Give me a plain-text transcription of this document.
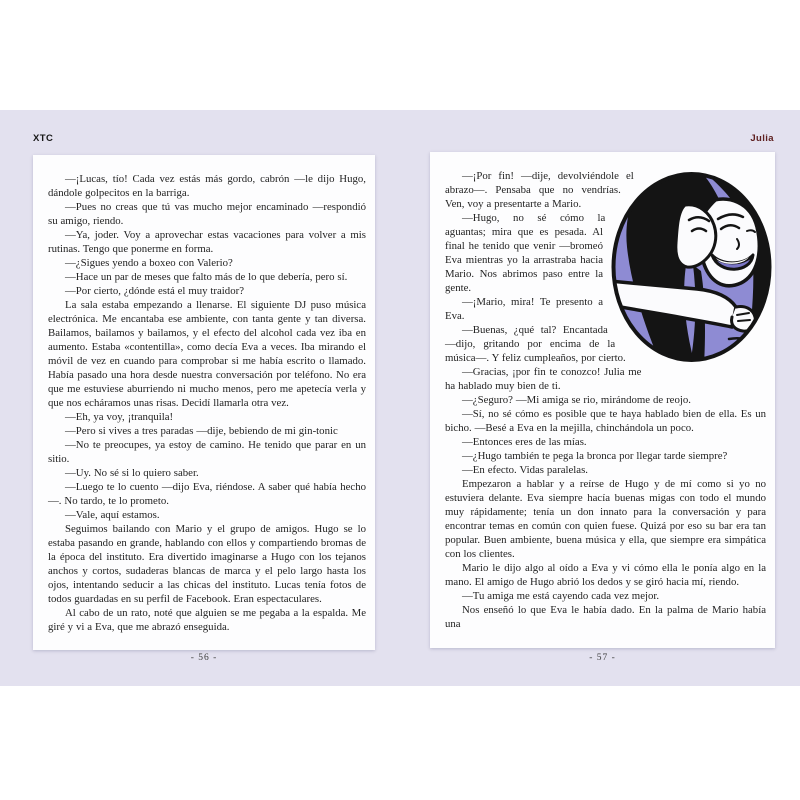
XTC	Julia

—¡Lucas, tío! Cada vez estás más gordo, cabrón —le dijo Hugo, dándole golpecitos en la barriga.

—Pues no creas que tú vas mucho mejor encaminado —respondió su amigo, riendo.

—Ya, joder. Voy a aprovechar estas vacaciones para volver a mis rutinas. Tengo que ponerme en forma.

—¿Sigues yendo a boxeo con Valerio?

—Hace un par de meses que falto más de lo que debería, pero sí.

—Por cierto, ¿dónde está el muy traidor?

La sala estaba empezando a llenarse. El siguiente DJ puso música electrónica. Me encantaba ese ambiente, con tanta gente y tan diversa. Bailamos, bailamos y bailamos, y el efecto del alcohol cada vez iba en aumento. Estaba «contentilla», como decía Eva a veces. Iba mirando el móvil de vez en cuando para comprobar si me había escrito o llamado. Había pasado una hora desde nuestra conversación por teléfono. No era que me estuviese aburriendo ni mucho menos, pero me apetecía verla y que nos echáramos unas risas. Decidí llamarla otra vez.

—Eh, ya voy, ¡tranquila!

—Pero si vives a tres paradas —dije, bebiendo de mi gin-tonic

—No te preocupes, ya estoy de camino. He tenido que parar en un sitio.

—Uy. No sé si lo quiero saber.

—Luego te lo cuento —dijo Eva, riéndose. A saber qué había hecho—. No tardo, te lo prometo.

—Vale, aquí estamos.

Seguimos bailando con Mario y el grupo de amigos. Hugo se lo estaba pasando en grande, hablando con ellos y compartiendo bromas de la época del instituto. Era divertido imaginarse a Hugo con los tejanos anchos y cortos, sudaderas blancas de marca y el pelo largo hasta los ojos, intentando seducir a las chicas del instituto. Lucas tenía fotos de todos guardadas en su perfil de Facebook. Eran espectaculares.

Al cabo de un rato, noté que alguien se me pegaba a la espalda. Me giré y vi a Eva, que me abrazó enseguida.

—¡Por fin! —dije, devolviéndole el abrazo—. Pensaba que no vendrías. Ven, voy a presentarte a Mario.

—Hugo, no sé cómo la aguantas; mira que es pesada. Al final he tenido que venir —bromeó Eva mientras yo la arrastraba hacia Mario. Nos abrimos paso entre la gente.

—¡Mario, mira! Te presento a Eva.

—Buenas, ¿qué tal? Encantada —dijo, gritando por encima de la música—. Y feliz cumpleaños, por cierto.

—Gracias, ¡por fin te conozco! Julia me ha hablado muy bien de ti.

—¿Seguro? —Mi amiga se rio, mirándome de reojo.

—Sí, no sé cómo es posible que te haya hablado bien de ella. Es un bicho. —Besé a Eva en la mejilla, chinchándola un poco.

—Entonces eres de las mías.

—¿Hugo también te pega la bronca por llegar tarde siempre?

—En efecto. Vidas paralelas.

Empezaron a hablar y a reírse de Hugo y de mí como si yo no estuviera delante. Eva siempre hacía buenas migas con todo el mundo muy rápidamente; tenía un don innato para la conversación y para encontrar temas en común con quien fuese. Quizá por eso su bar era tan popular. Buen ambiente, buena música y ella, que siempre era simpática con los clientes.

Mario le dijo algo al oído a Eva y vi cómo ella le ponía algo en la mano. El amigo de Hugo abrió los dedos y se giró hacia mí, riendo.

—Tu amiga me está cayendo cada vez mejor.

Nos enseñó lo que Eva le había dado. En la palma de Mario había una

- 56 -	- 57 -
